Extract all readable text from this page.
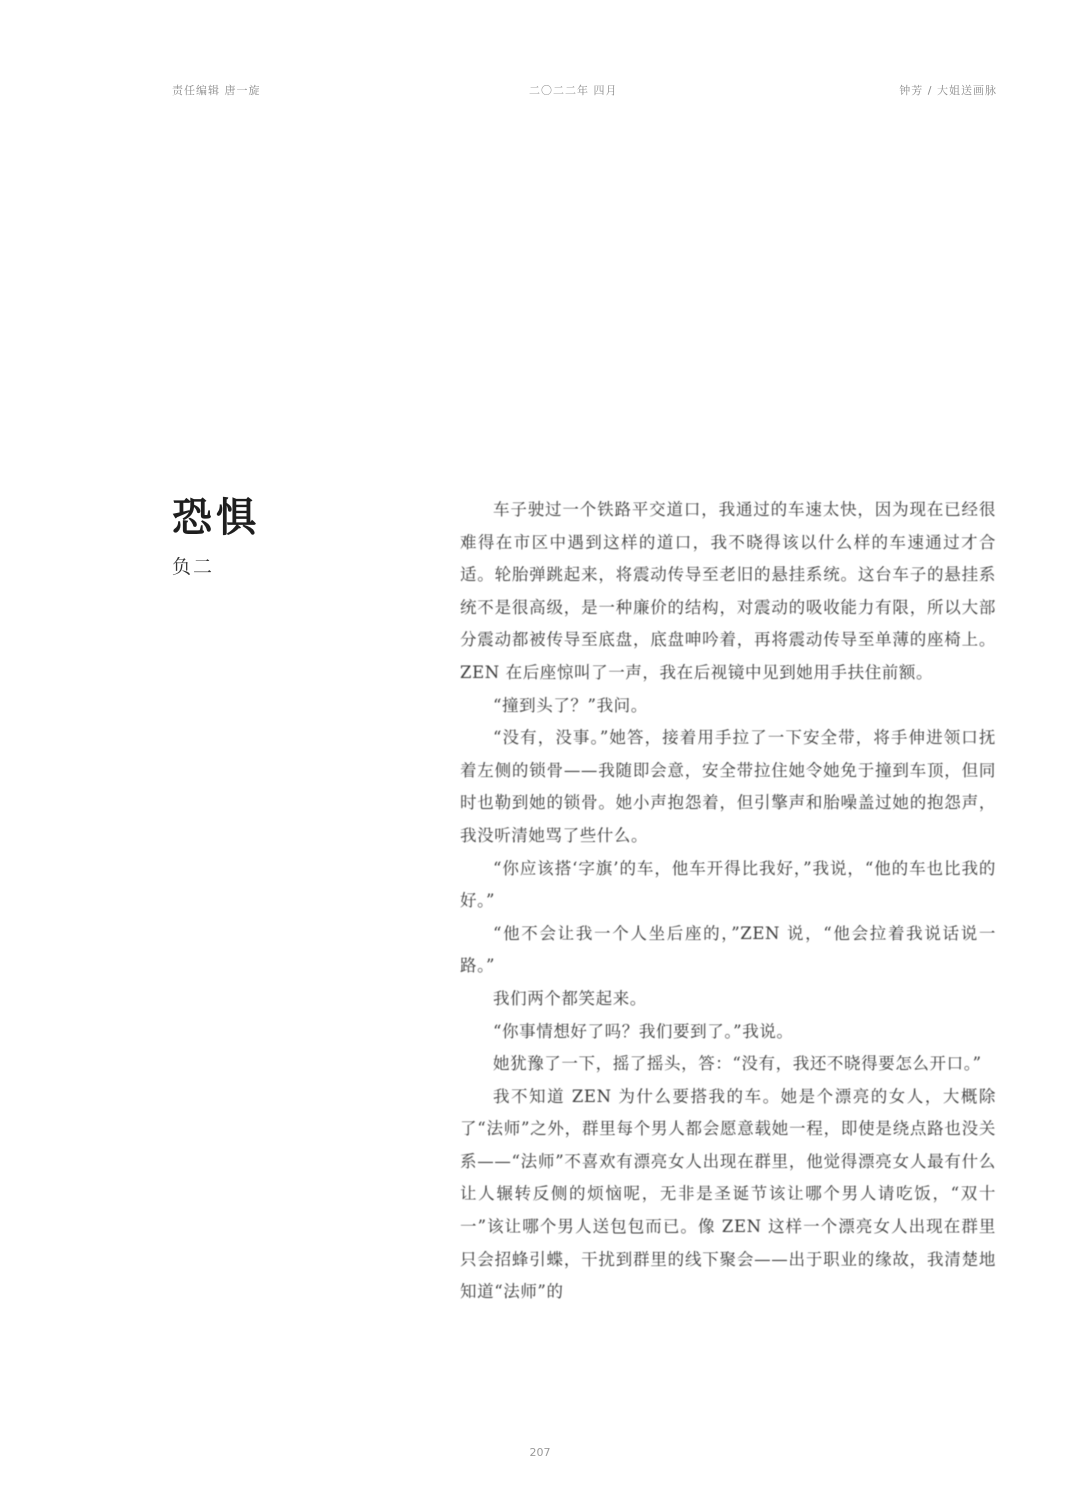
责任编辑 唐一旋	二〇二二年 四月	钟芳 / 大姐送画脉
恐惧
负二

车子驶过一个铁路平交道口，我通过的车速太快，因为现在已经很难得在市区中遇到这样的道口，我不晓得该以什么样的车速通过才合适。轮胎弹跳起来，将震动传导至老旧的悬挂系统。这台车子的悬挂系统不是很高级，是一种廉价的结构，对震动的吸收能力有限，所以大部分震动都被传导至底盘，底盘呻吟着，再将震动传导至单薄的座椅上。ZEN 在后座惊叫了一声，我在后视镜中见到她用手扶住前额。

“撞到头了？”我问。

“没有，没事。”她答，接着用手拉了一下安全带，将手伸进领口抚着左侧的锁骨——我随即会意，安全带拉住她令她免于撞到车顶，但同时也勒到她的锁骨。她小声抱怨着，但引擎声和胎噪盖过她的抱怨声，我没听清她骂了些什么。

“你应该搭‘字旗’的车，他车开得比我好，”我说，“他的车也比我的好。”

“他不会让我一个人坐后座的，”ZEN 说，“他会拉着我说话说一路。”

我们两个都笑起来。

“你事情想好了吗？我们要到了。”我说。

她犹豫了一下，摇了摇头，答：“没有，我还不晓得要怎么开口。”

我不知道 ZEN 为什么要搭我的车。她是个漂亮的女人，大概除了“法师”之外，群里每个男人都会愿意载她一程，即使是绕点路也没关系——“法师”不喜欢有漂亮女人出现在群里，他觉得漂亮女人最有什么让人辗转反侧的烦恼呢，无非是圣诞节该让哪个男人请吃饭，“双十一”该让哪个男人送包包而已。像 ZEN 这样一个漂亮女人出现在群里只会招蜂引蝶，干扰到群里的线下聚会——出于职业的缘故，我清楚地知道“法师”的

207
